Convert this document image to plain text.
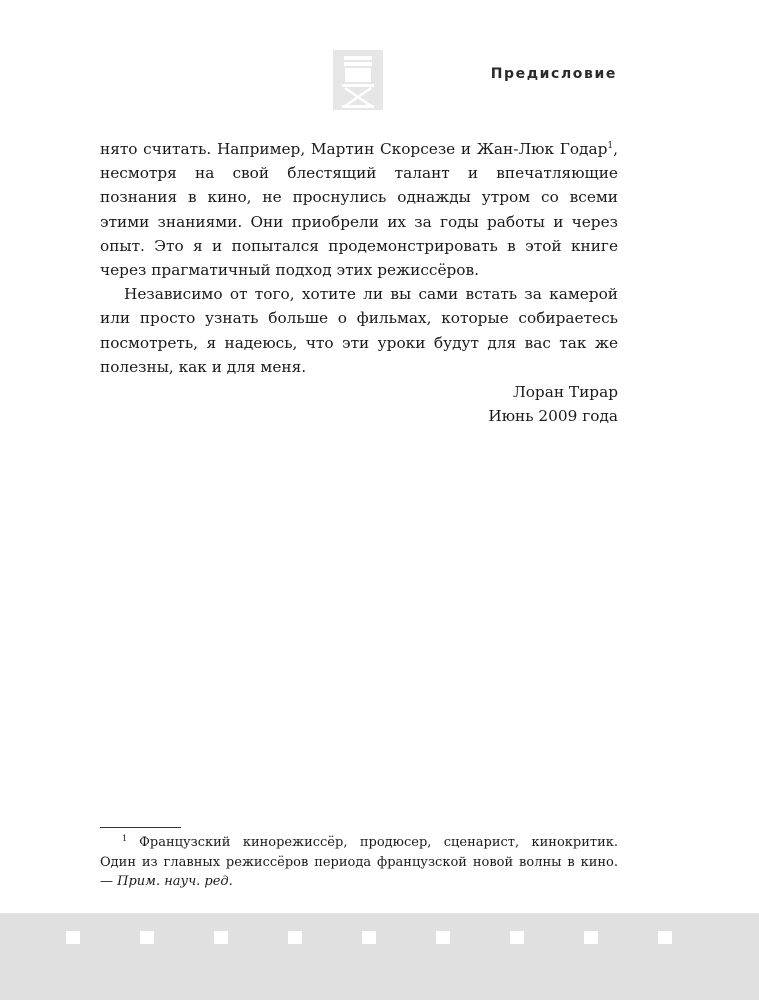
Предисловие

нято считать. Например, Мартин Скорсезе и Жан-Люк Годар$^1$, несмотря на свой блестящий талант и впечатляющие познания в кино, не проснулись однажды утром со всеми этими знаниями. Они приобрели их за годы работы и через опыт. Это я и попытался продемонстрировать в этой книге через прагматичный подход этих режиссёров.

Независимо от того, хотите ли вы сами встать за камерой или просто узнать больше о фильмах, которые собираетесь посмотреть, я надеюсь, что эти уроки будут для вас так же полезны, как и для меня.

Лоран Тирар
Июнь 2009 года
$^1$ Французский кинорежиссёр, продюсер, сценарист, кинокритик. Один из главных режиссёров периода французской новой волны в кино. — Прим. науч. ред.
